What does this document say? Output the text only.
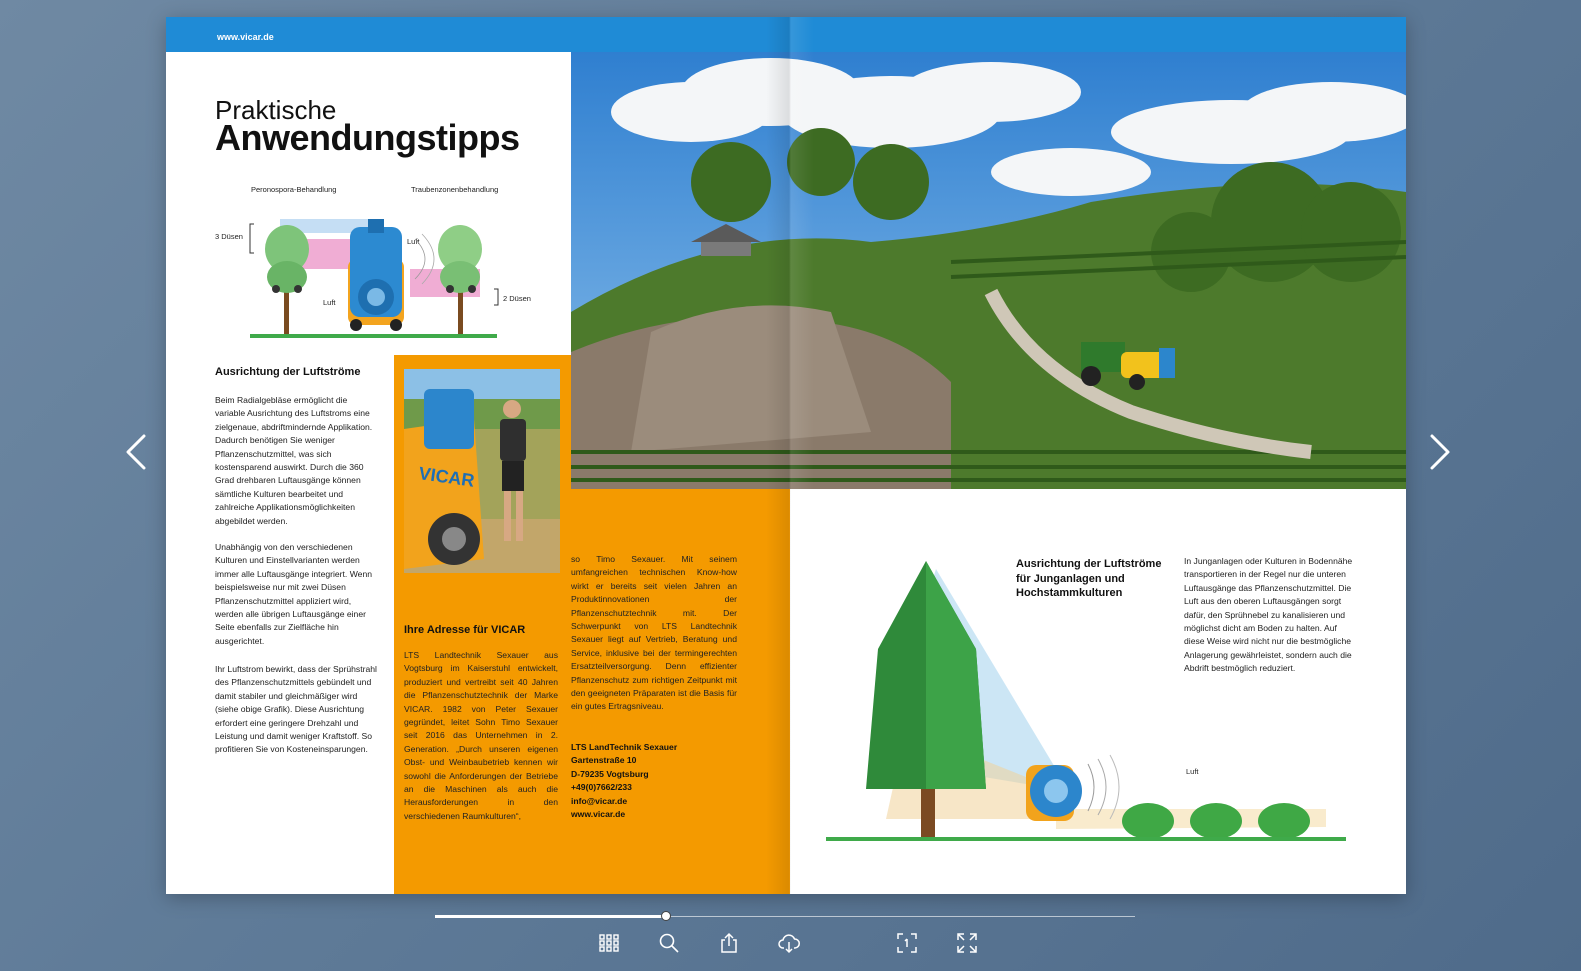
www.vicar.de
Praktische
Anwendungstipps
Peronospora-Behandlung	Traubenzonenbehandlung
3 Düsen
2 Düsen
Luft
Luft
Ausrichtung der Luftströme
Beim Radialgebläse ermöglicht die variable Ausrichtung des Luftstroms eine zielgenaue, abdriftmindernde Applikation. Dadurch benötigen Sie weniger Pflanzenschutzmittel, was sich kostensparend auswirkt. Durch die 360 Grad drehbaren Luftausgänge können sämtliche Kulturen bearbeitet und zahlreiche Applikationsmöglichkeiten abgebildet werden.
Unabhängig von den verschiedenen Kulturen und Einstellvarianten werden immer alle Luftausgänge integriert. Wenn beispielsweise nur mit zwei Düsen Pflanzenschutzmittel appliziert wird, werden alle übrigen Luftausgänge einer Seite ebenfalls zur Zielfläche hin ausgerichtet.
Ihr Luftstrom bewirkt, dass der Sprühstrahl des Pflanzenschutzmittels gebündelt und damit stabiler und gleichmäßiger wird (siehe obige Grafik). Diese Ausrichtung erfordert eine geringere Drehzahl und Leistung und damit weniger Kraftstoff. So profitieren Sie von Kosteneinsparungen.
VICAR
Ihre Adresse für VICAR
LTS Landtechnik Sexauer aus Vogtsburg im Kaiserstuhl entwickelt, produziert und vertreibt seit 40 Jahren die Pflanzenschutztechnik der Marke VICAR. 1982 von Peter Sexauer gegründet, leitet Sohn Timo Sexauer seit 2016 das Unternehmen in 2. Generation. „Durch unseren eigenen Obst- und Weinbaubetrieb kennen wir sowohl die Anforderungen der Betriebe an die Maschinen als auch die Herausforderungen in den verschiedenen Raumkulturen“,
so Timo Sexauer. Mit seinem umfangreichen technischen Know-how wirkt er bereits seit vielen Jahren an Produktinnovationen der Pflanzenschutztechnik mit. Der Schwerpunkt von LTS Landtechnik Sexauer liegt auf Vertrieb, Beratung und Service, inklusive bei der termingerechten Ersatzteilversorgung. Denn effizienter Pflanzenschutz zum richtigen Zeitpunkt mit den geeigneten Präparaten ist die Basis für ein gutes Ertragsniveau.
LTS LandTechnik Sexauer
Gartenstraße 10
D-79235 Vogtsburg
+49(0)7662/233
info@vicar.de
www.vicar.de
Ausrichtung der Luftströme für Junganlagen und Hochstammkulturen
In Junganlagen oder Kulturen in Bodennähe transportieren in der Regel nur die unteren Luftausgänge das Pflanzenschutzmittel. Die Luft aus den oberen Luftausgängen sorgt dafür, den Sprühnebel zu kanalisieren und möglichst dicht am Boden zu halten. Auf diese Weise wird nicht nur die bestmögliche Anlagerung gewährleistet, sondern auch die Abdrift bestmöglich reduziert.
Luft
